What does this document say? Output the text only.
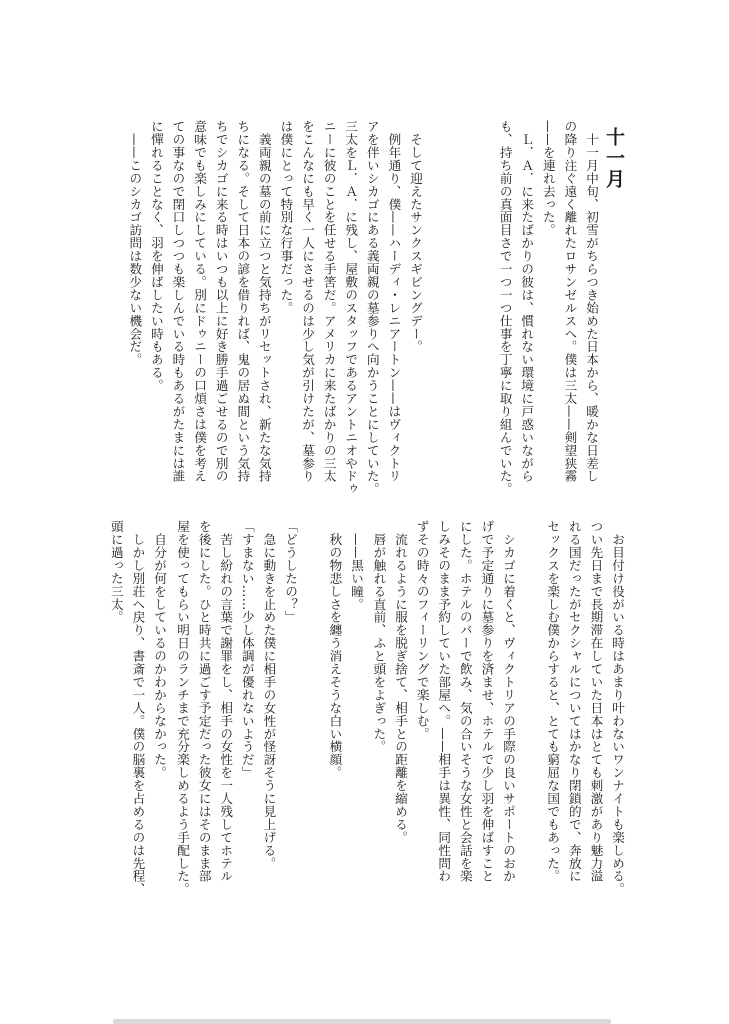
十一月
　十一月中旬、初雪がちらつき始めた日本から、暖かな日差し
の降り注ぐ遠く離れたロサンゼルスへ。僕は三太——剣望狭霧
——を連れ去った。
　Ｌ．Ａ．に来たばかりの彼は、慣れない環境に戸惑いながら
も、持ち前の真面目さで一つ一つ仕事を丁寧に取り組んでいた。
　そして迎えたサンクスギビングデー。
　例年通り、僕——ハーディ・レニアートン——はヴィクトリ
アを伴いシカゴにある義両親の墓参りへ向かうことにしていた。
三太をＬ．Ａ．に残し、屋敷のスタッフであるアントニオやドゥ
ニーに彼のことを任せる手筈だ。アメリカに来たばかりの三太
をこんなにも早く一人にさせるのは少し気が引けたが、墓参り
は僕にとって特別な行事だった。
　義両親の墓の前に立つと気持ちがリセットされ、新たな気持
ちになる。そして日本の諺を借りれば、鬼の居ぬ間という気持
ちでシカゴに来る時はいつも以上に好き勝手過ごせるので別の
意味でも楽しみにしている。別にドゥニーの口煩さは僕を考え
ての事なので閉口しつつも楽しんでいる時もあるがたまには誰
に憚れることなく、羽を伸ばしたい時もある。
　——このシカゴ訪問は数少ない機会だ。
　お目付け役がいる時はあまり叶わないワンナイトも楽しめる。
つい先日まで長期滞在していた日本はとても刺激があり魅力溢
れる国だったがセクシャルについてはかなり閉鎖的で、奔放に
セックスを楽しむ僕からすると、とても窮屈な国でもあった。
　シカゴに着くと、ヴィクトリアの手際の良いサポートのおか
げで予定通りに墓参りを済ませ、ホテルで少し羽を伸ばすこと
にした。ホテルのバーで飲み、気の合いそうな女性と会話を楽
しみそのまま予約していた部屋へ。——相手は異性、同性問わ
ずその時々のフィーリングで楽しむ。
　流れるように服を脱ぎ捨て、相手との距離を縮める。
　唇が触れる直前、ふと頭をよぎった。
　——黒い瞳。
　秋の物悲しさを纏う消えそうな白い横顔。
「どうしたの？」
　急に動きを止めた僕に相手の女性が怪訝そうに見上げる。
「すまない……少し体調が優れないようだ」
　苦し紛れの言葉で謝罪をし、相手の女性を一人残してホテル
を後にした。ひと時共に過ごす予定だった彼女にはそのまま部
屋を使ってもらい明日のランチまで充分楽しめるよう手配した。
　自分が何をしているのかわからなかった。
　しかし別荘へ戻り、書斎で一人。僕の脳裏を占めるのは先程、
頭に過った三太。
